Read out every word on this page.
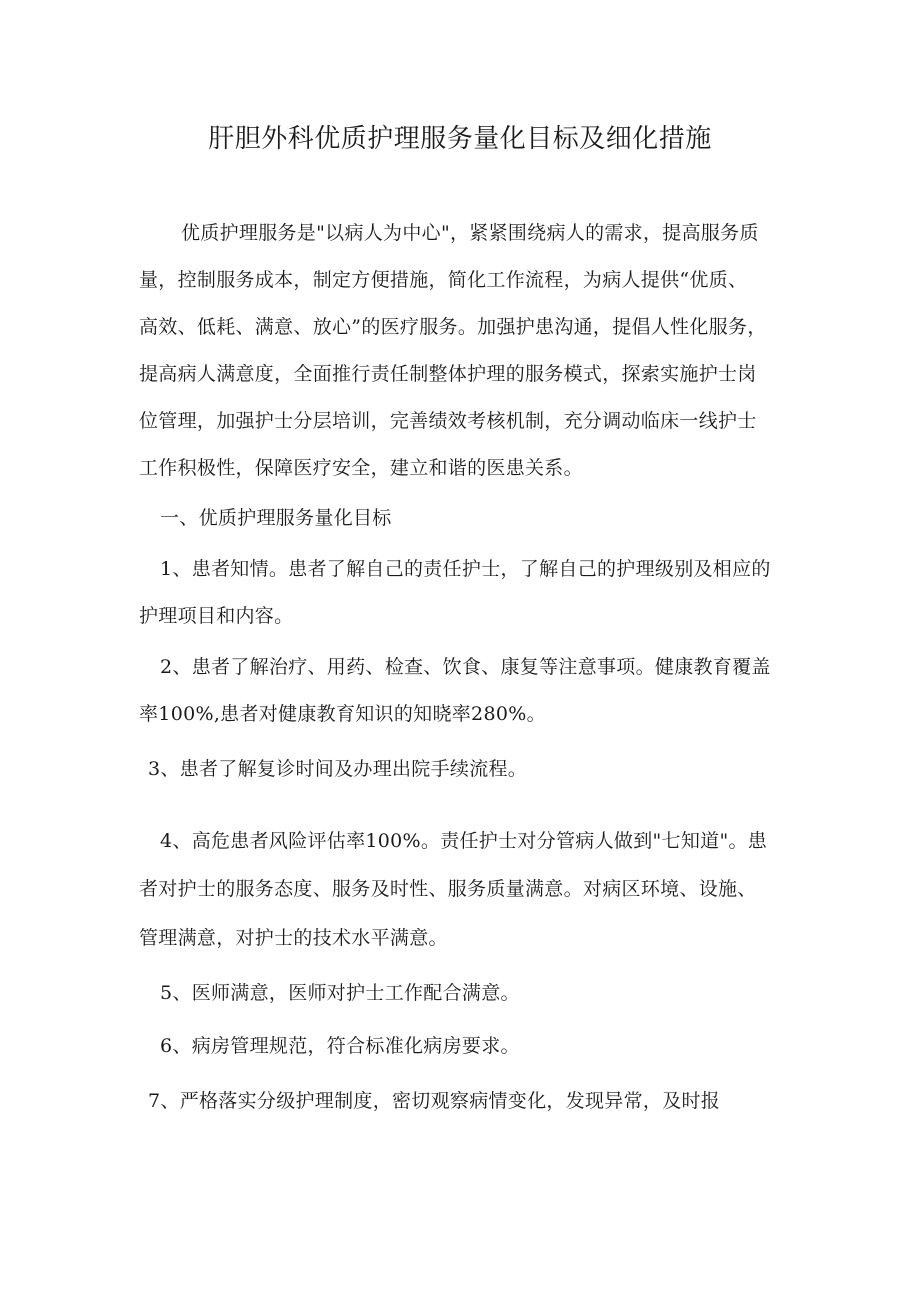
肝胆外科优质护理服务量化目标及细化措施
优质护理服务是"以病人为中心"，紧紧围绕病人的需求，提高服务质
量，控制服务成本，制定方便措施，简化工作流程，为病人提供“优质、
高效、低耗、满意、放心”的医疗服务。加强护患沟通，提倡人性化服务，
提高病人满意度，全面推行责任制整体护理的服务模式，探索实施护士岗
位管理，加强护士分层培训，完善绩效考核机制，充分调动临床一线护士
工作积极性，保障医疗安全，建立和谐的医患关系。
一、优质护理服务量化目标
1、患者知情。患者了解自己的责任护士，了解自己的护理级别及相应的
护理项目和内容。
2、患者了解治疗、用药、检查、饮食、康复等注意事项。健康教育覆盖
率100%,患者对健康教育知识的知晓率280%。
3、患者了解复诊时间及办理出院手续流程。
4、高危患者风险评估率100%。责任护士对分管病人做到"七知道"。患
者对护士的服务态度、服务及时性、服务质量满意。对病区环境、设施、
管理满意，对护士的技术水平满意。
5、医师满意，医师对护士工作配合满意。
6、病房管理规范，符合标准化病房要求。
7、严格落实分级护理制度，密切观察病情变化，发现异常，及时报
